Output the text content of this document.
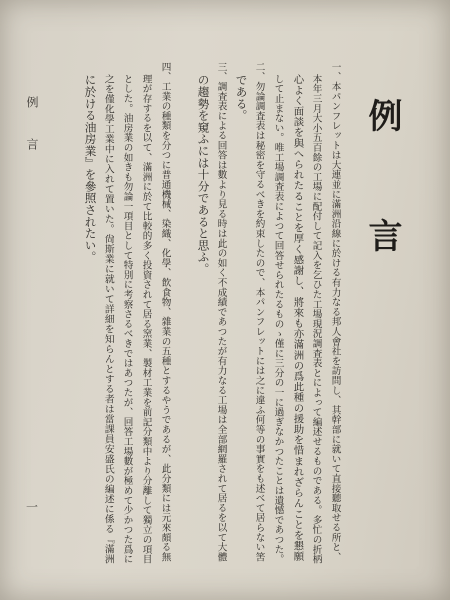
例　言
一、本パンフレットは大連並に滿洲沿線に於ける有力なる邦人會社を訪問し、其幹部に就いて直接聽取せる所と、
本年三月大小五百餘の工場に配付して記入を乞ひた工場現況調査表とによって編述せるものである。多忙の折柄
心よく面談を與へられたることを厚く感謝し、將來も亦滿洲の爲此種の援助を惜まれざらんことを懇願
して止まない。唯工場調査表によつて回答せられたるものゝ僅に三分の一に過ぎなかつたことは遺憾であつた。
二、勿論調査表は秘密を守るべきを約束したので、本パンフレットには之に違ふ何等の事實をも述べて居らない筈
である。
三、調査表による回答は數より見る時は此の如く不成績であつたが有力なる工場は全部網羅されて居るを以て大體
の趨勢を窺ふには十分であると思ふ。
四、工業の種類を分つに普通機械、染織、化學、飲食物、雜業の五種とするやうであるが、此分類には元來頗る無
理が存するを以て、滿洲に於て比較的多く投資されて居る窯業、製材工業を前記分類中より分離して獨立の項目
とした。油房業の如きも勿論一項目として特別に考察さるべきではあつたが、回答工場數が極めて少かつた爲に
之を僅化學工業中に入れて置いた。尙斯業に就いて詳細を知らんとする者は當課員安盛氏の編述に係る『滿洲
に於ける油房業』を參照されたい。
例言
一
